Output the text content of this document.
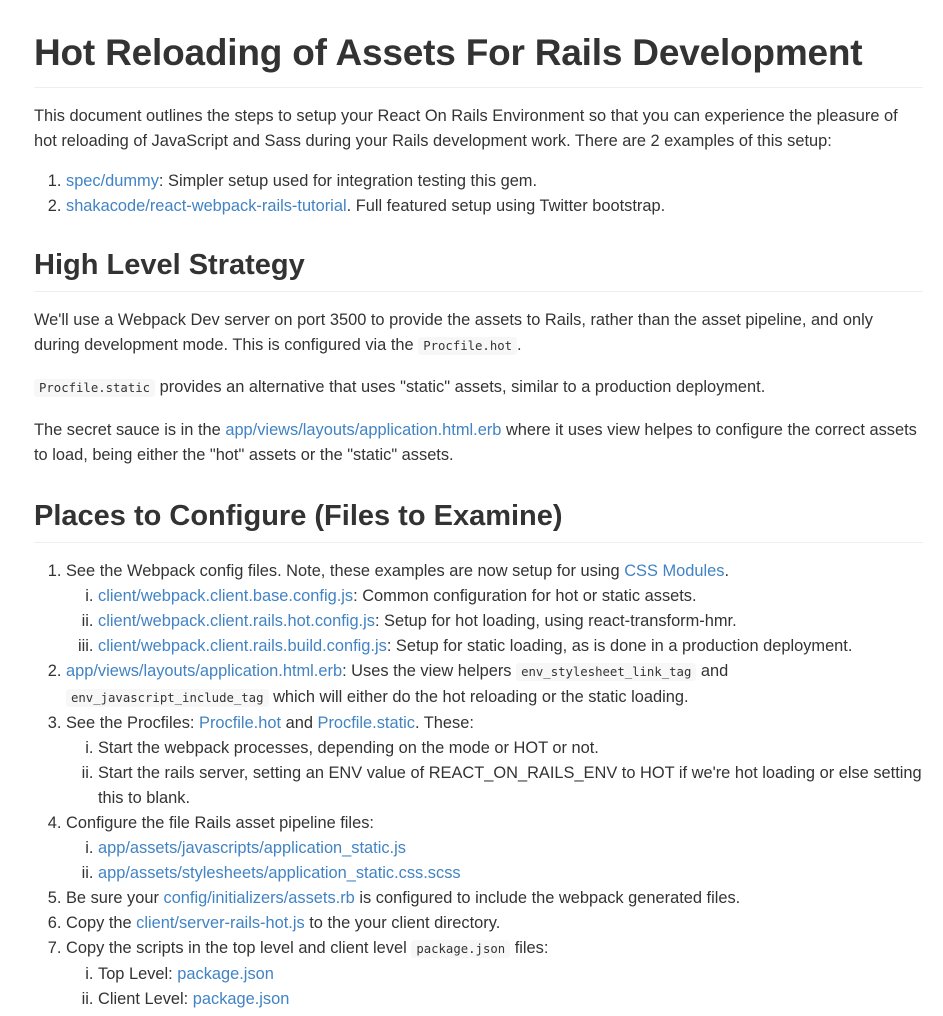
Hot Reloading of Assets For Rails Development

This document outlines the steps to setup your React On Rails Environment so that you can experience the pleasure of hot reloading of JavaScript and Sass during your Rails development work. There are 2 examples of this setup:

1. spec/dummy: Simpler setup used for integration testing this gem.
2. shakacode/react-webpack-rails-tutorial. Full featured setup using Twitter bootstrap.
High Level Strategy

We'll use a Webpack Dev server on port 3500 to provide the assets to Rails, rather than the asset pipeline, and only during development mode. This is configured via the Procfile.hot .

Procfile.static provides an alternative that uses "static" assets, similar to a production deployment.

The secret sauce is in the app/views/layouts/application.html.erb where it uses view helpes to configure the correct assets to load, being either the "hot" assets or the "static" assets.

Places to Configure (Files to Examine)
1. See the Webpack config files. Note, these examples are now setup for using CSS Modules.
i. client/webpack.client.base.config.js: Common configuration for hot or static assets.
ii. client/webpack.client.rails.hot.config.js: Setup for hot loading, using react-transform-hmr.
iii. client/webpack.client.rails.build.config.js: Setup for static loading, as is done in a production deployment.
2. app/views/layouts/application.html.erb: Uses the view helpers env_stylesheet_link_tag and env_javascript_include_tag which will either do the hot reloading or the static loading.
3. See the Procfiles: Procfile.hot and Procfile.static. These:
i. Start the webpack processes, depending on the mode or HOT or not.
ii. Start the rails server, setting an ENV value of REACT_ON_RAILS_ENV to HOT if we're hot loading or else setting this to blank.
4. Configure the file Rails asset pipeline files:
i. app/assets/javascripts/application_static.js
ii. app/assets/stylesheets/application_static.css.scss
5. Be sure your config/initializers/assets.rb is configured to include the webpack generated files.
6. Copy the client/server-rails-hot.js to the your client directory.
7. Copy the scripts in the top level and client level package.json files:
i. Top Level: package.json
ii. Client Level: package.json
